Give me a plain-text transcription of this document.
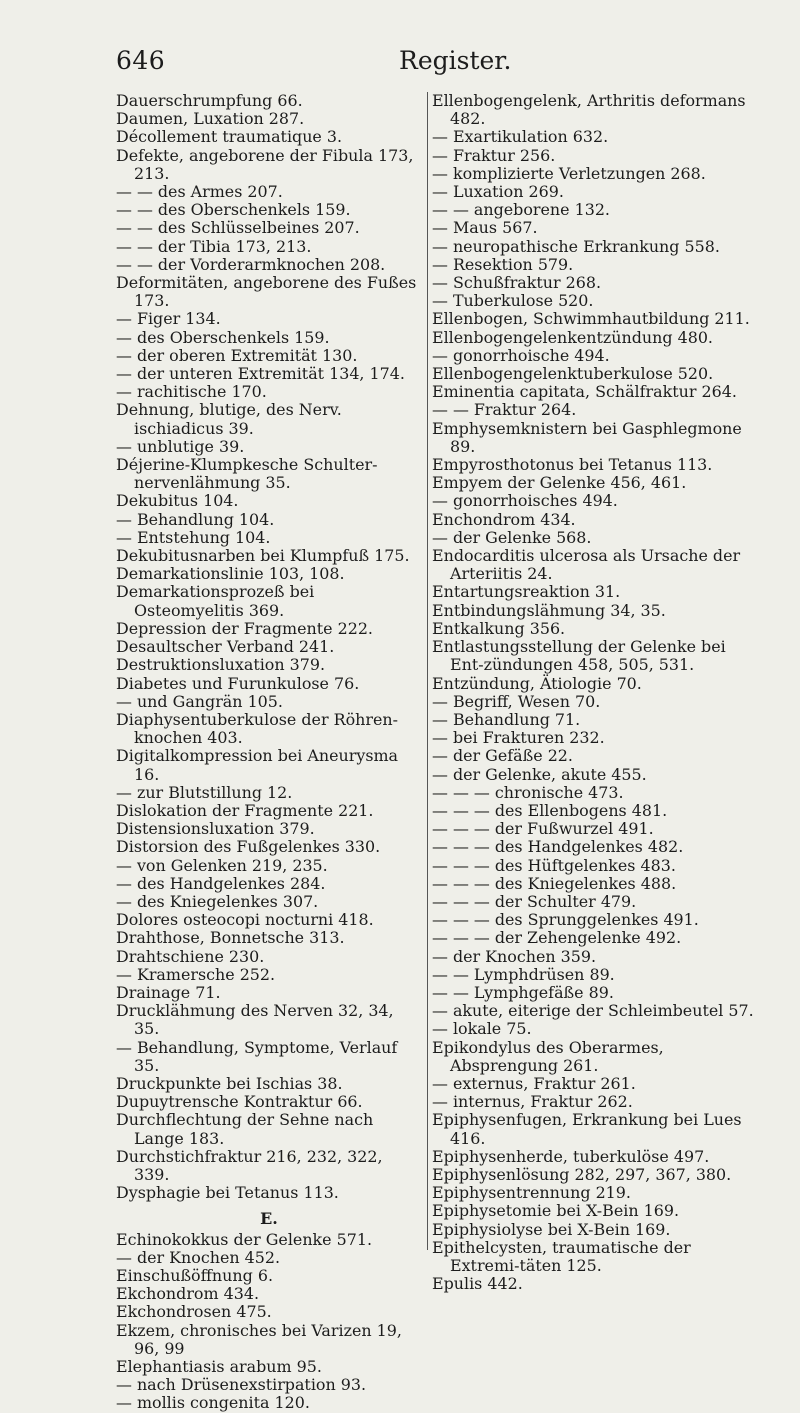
646	Register.
Dauerschrumpfung 66.
Daumen, Luxation 287.
Décollement traumatique 3.
Defekte, angeborene der Fibula 173, 213.
— — des Armes 207.
— — des Oberschenkels 159.
— — des Schlüsselbeines 207.
— — der Tibia 173, 213.
— — der Vorderarmknochen 208.
Deformitäten, angeborene des Fußes 173.
— Figer 134.
— des Oberschenkels 159.
— der oberen Extremität 130.
— der unteren Extremität 134, 174.
— rachitische 170.
Dehnung, blutige, des Nerv. ischiadicus 39.
— unblutige 39.
Déjerine-Klumpkesche Schulter-nervenlähmung 35.
Dekubitus 104.
— Behandlung 104.
— Entstehung 104.
Dekubitusnarben bei Klumpfuß 175.
Demarkationslinie 103, 108.
Demarkationsprozeß bei Osteomyelitis 369.
Depression der Fragmente 222.
Desaultscher Verband 241.
Destruktionsluxation 379.
Diabetes und Furunkulose 76.
— und Gangrän 105.
Diaphysentuberkulose der Röhren-knochen 403.
Digitalkompression bei Aneurysma 16.
— zur Blutstillung 12.
Dislokation der Fragmente 221.
Distensionsluxation 379.
Distorsion des Fußgelenkes 330.
— von Gelenken 219, 235.
— des Handgelenkes 284.
— des Kniegelenkes 307.
Dolores osteocopi nocturni 418.
Drahthose, Bonnetsche 313.
Drahtschiene 230.
— Kramersche 252.
Drainage 71.
Drucklähmung des Nerven 32, 34, 35.
— Behandlung, Symptome, Verlauf 35.
Druckpunkte bei Ischias 38.
Dupuytrensche Kontraktur 66.
Durchflechtung der Sehne nach Lange 183.
Durchstichfraktur 216, 232, 322, 339.
Dysphagie bei Tetanus 113.
E.
Echinokokkus der Gelenke 571.
— der Knochen 452.
Einschußöffnung 6.
Ekchondrom 434.
Ekchondrosen 475.
Ekzem, chronisches bei Varizen 19, 96, 99
Elephantiasis arabum 95.
— nach Drüsenexstirpation 93.
— mollis congenita 120.
Ellenbogengelenk, Arthritis deformans 482.
— Exartikulation 632.
— Fraktur 256.
— komplizierte Verletzungen 268.
— Luxation 269.
— — angeborene 132.
— Maus 567.
— neuropathische Erkrankung 558.
— Resektion 579.
— Schußfraktur 268.
— Tuberkulose 520.
Ellenbogen, Schwimmhautbildung 211.
Ellenbogengelenkentzündung 480.
— gonorrhoische 494.
Ellenbogengelenktuberkulose 520.
Eminentia capitata, Schälfraktur 264.
— — Fraktur 264.
Emphysemknistern bei Gasphlegmone 89.
Empyrosthotonus bei Tetanus 113.
Empyem der Gelenke 456, 461.
— gonorrhoisches 494.
Enchondrom 434.
— der Gelenke 568.
Endocarditis ulcerosa als Ursache der Arteriitis 24.
Entartungsreaktion 31.
Entbindungslähmung 34, 35.
Entkalkung 356.
Entlastungsstellung der Gelenke bei Ent-zündungen 458, 505, 531.
Entzündung, Ätiologie 70.
— Begriff, Wesen 70.
— Behandlung 71.
— bei Frakturen 232.
— der Gefäße 22.
— der Gelenke, akute 455.
— — — chronische 473.
— — — des Ellenbogens 481.
— — — der Fußwurzel 491.
— — — des Handgelenkes 482.
— — — des Hüftgelenkes 483.
— — — des Kniegelenkes 488.
— — — der Schulter 479.
— — — des Sprunggelenkes 491.
— — — der Zehengelenke 492.
— der Knochen 359.
— — Lymphdrüsen 89.
— — Lymphgefäße 89.
— akute, eiterige der Schleimbeutel 57.
— lokale 75.
Epikondylus des Oberarmes, Absprengung 261.
— externus, Fraktur 261.
— internus, Fraktur 262.
Epiphysenfugen, Erkrankung bei Lues 416.
Epiphysenherde, tuberkulöse 497.
Epiphysenlösung 282, 297, 367, 380.
Epiphysentrennung 219.
Epiphysetomie bei X-Bein 169.
Epiphysiolyse bei X-Bein 169.
Epithelcysten, traumatische der Extremi-täten 125.
Epulis 442.
